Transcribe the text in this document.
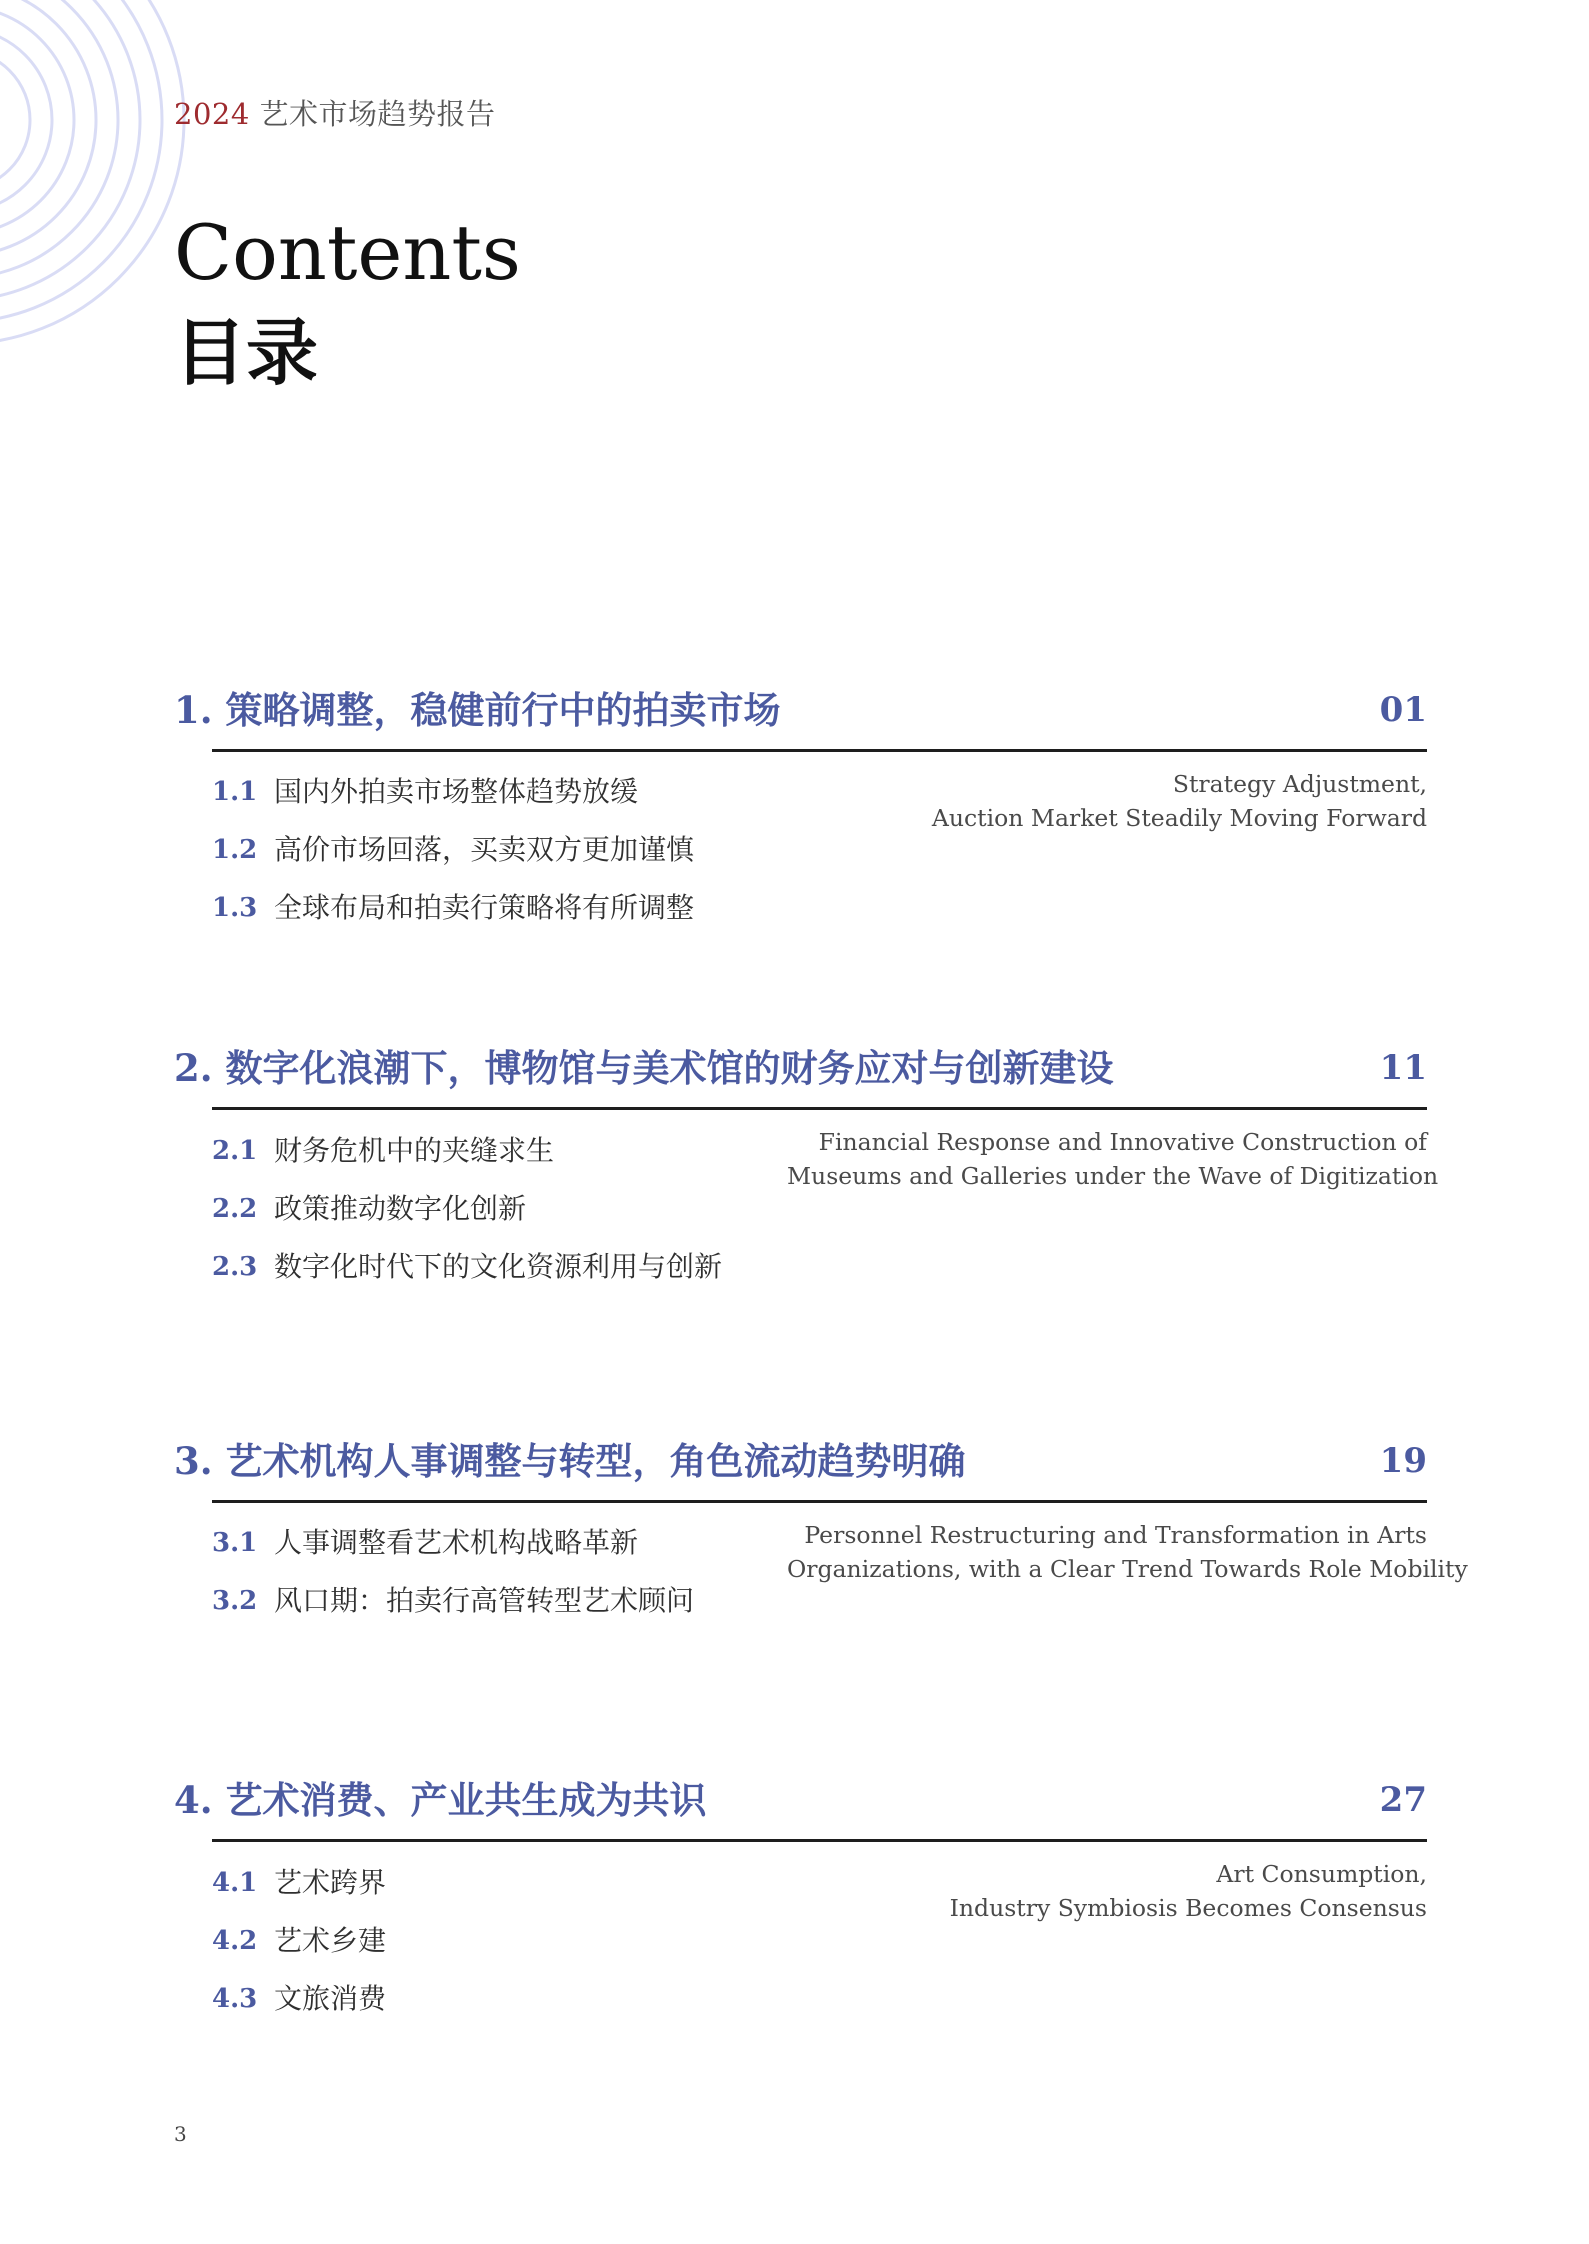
2024 艺术市场趋势报告
Contents
目录
1. 策略调整，稳健前行中的拍卖市场	01
1.1 国内外拍卖市场整体趋势放缓
1.2 高价市场回落，买卖双方更加谨慎
1.3 全球布局和拍卖行策略将有所调整
Strategy Adjustment,
Auction Market Steadily Moving Forward
2. 数字化浪潮下，博物馆与美术馆的财务应对与创新建设	11
2.1 财务危机中的夹缝求生
2.2 政策推动数字化创新
2.3 数字化时代下的文化资源利用与创新
Financial Response and Innovative Construction of
Museums and Galleries under the Wave of Digitization
3. 艺术机构人事调整与转型，角色流动趋势明确	19
3.1 人事调整看艺术机构战略革新
3.2 风口期：拍卖行高管转型艺术顾问
Personnel Restructuring and Transformation in Arts
Organizations, with a Clear Trend Towards Role Mobility
4. 艺术消费、产业共生成为共识	27
4.1 艺术跨界
4.2 艺术乡建
4.3 文旅消费
Art Consumption,
Industry Symbiosis Becomes Consensus
3
